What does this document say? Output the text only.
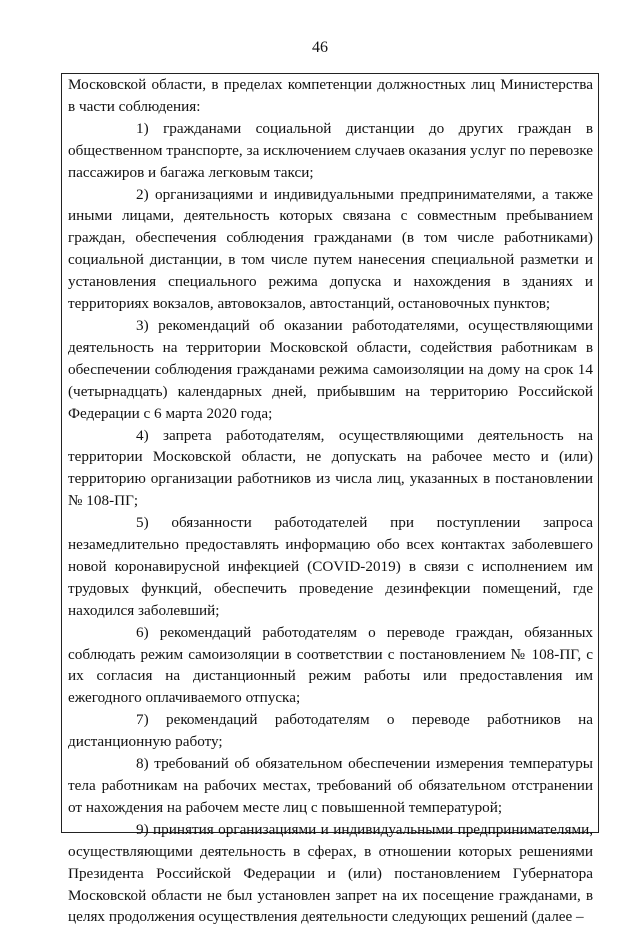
46

Московской области, в пределах компетенции должностных лиц Министерства в части соблюдения:

1) гражданами социальной дистанции до других граждан в общественном транспорте, за исключением случаев оказания услуг по перевозке пассажиров и багажа легковым такси;

2) организациями и индивидуальными предпринимателями, а также иными лицами, деятельность которых связана с совместным пребыванием граждан, обеспечения соблюдения гражданами (в том числе работниками) социальной дистанции, в том числе путем нанесения специальной разметки и установления специального режима допуска и нахождения в зданиях и территориях вокзалов, автовокзалов, автостанций, остановочных пунктов;

3) рекомендаций об оказании работодателями, осуществляющими деятельность на территории Московской области, содействия работникам в обеспечении соблюдения гражданами режима самоизоляции на дому на срок 14 (четырнадцать) календарных дней, прибывшим на территорию Российской Федерации с 6 марта 2020 года;

4) запрета работодателям, осуществляющими деятельность на территории Московской области, не допускать на рабочее место и (или) территорию организации работников из числа лиц, указанных в постановлении № 108-ПГ;

5) обязанности работодателей при поступлении запроса незамедлительно предоставлять информацию обо всех контактах заболевшего новой коронавирусной инфекцией (COVID-2019) в связи с исполнением им трудовых функций, обеспечить проведение дезинфекции помещений, где находился заболевший;

6) рекомендаций работодателям о переводе граждан, обязанных соблюдать режим самоизоляции в соответствии с постановлением № 108-ПГ, с их согласия на дистанционный режим работы или предоставления им ежегодного оплачиваемого отпуска;

7) рекомендаций работодателям о переводе работников на дистанционную работу;

8) требований об обязательном обеспечении измерения температуры тела работникам на рабочих местах, требований об обязательном отстранении от нахождения на рабочем месте лиц с повышенной температурой;

9) принятия организациями и индивидуальными предпринимателями, осуществляющими деятельность в сферах, в отношении которых решениями Президента Российской Федерации и (или) постановлением Губернатора Московской области не был установлен запрет на их посещение гражданами, в целях продолжения осуществления деятельности следующих решений (далее –
